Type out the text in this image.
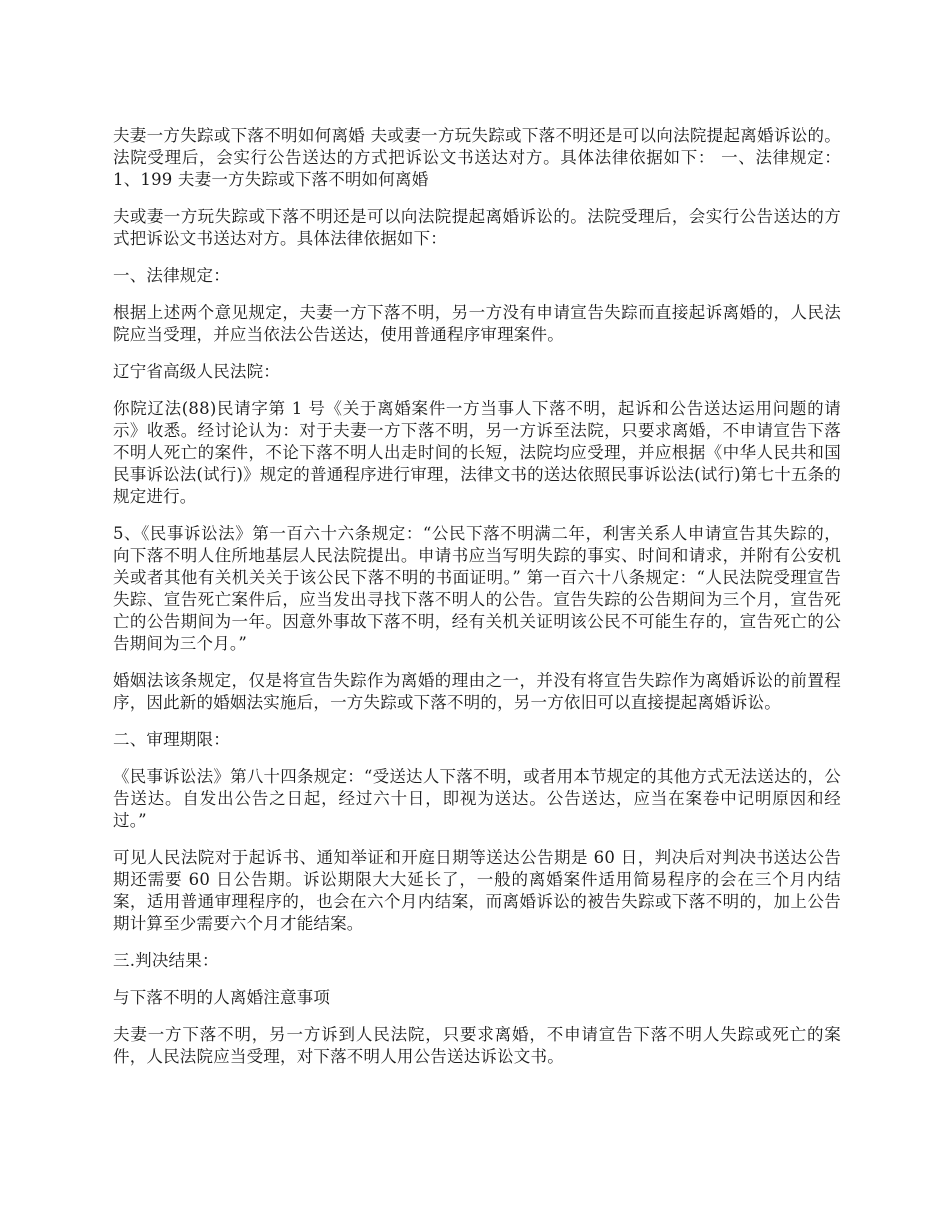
夫妻一方失踪或下落不明如何离婚 夫或妻一方玩失踪或下落不明还是可以向法院提起离婚诉讼的。法院受理后，会实行公告送达的方式把诉讼文书送达对方。具体法律依据如下： 一、法律规定： 1、199 夫妻一方失踪或下落不明如何离婚

夫或妻一方玩失踪或下落不明还是可以向法院提起离婚诉讼的。法院受理后，会实行公告送达的方式把诉讼文书送达对方。具体法律依据如下：

一、法律规定：

根据上述两个意见规定，夫妻一方下落不明，另一方没有申请宣告失踪而直接起诉离婚的，人民法院应当受理，并应当依法公告送达，使用普通程序审理案件。

辽宁省高级人民法院：

你院辽法(88)民请字第 1 号《关于离婚案件一方当事人下落不明，起诉和公告送达运用问题的请示》收悉。经讨论认为：对于夫妻一方下落不明，另一方诉至法院，只要求离婚，不申请宣告下落不明人死亡的案件，不论下落不明人出走时间的长短，法院均应受理，并应根据《中华人民共和国民事诉讼法(试行)》规定的普通程序进行审理，法律文书的送达依照民事诉讼法(试行)第七十五条的规定进行。

5、《民事诉讼法》第一百六十六条规定：“公民下落不明满二年，利害关系人申请宣告其失踪的，向下落不明人住所地基层人民法院提出。申请书应当写明失踪的事实、时间和请求，并附有公安机关或者其他有关机关关于该公民下落不明的书面证明。” 第一百六十八条规定：“人民法院受理宣告失踪、宣告死亡案件后，应当发出寻找下落不明人的公告。宣告失踪的公告期间为三个月，宣告死亡的公告期间为一年。因意外事故下落不明，经有关机关证明该公民不可能生存的，宣告死亡的公告期间为三个月。”

婚姻法该条规定，仅是将宣告失踪作为离婚的理由之一，并没有将宣告失踪作为离婚诉讼的前置程序，因此新的婚姻法实施后，一方失踪或下落不明的，另一方依旧可以直接提起离婚诉讼。

二、审理期限：

《民事诉讼法》第八十四条规定：“受送达人下落不明，或者用本节规定的其他方式无法送达的，公告送达。自发出公告之日起，经过六十日，即视为送达。公告送达，应当在案卷中记明原因和经过。”

可见人民法院对于起诉书、通知举证和开庭日期等送达公告期是 60 日，判决后对判决书送达公告期还需要 60 日公告期。诉讼期限大大延长了，一般的离婚案件适用简易程序的会在三个月内结案，适用普通审理程序的，也会在六个月内结案，而离婚诉讼的被告失踪或下落不明的，加上公告期计算至少需要六个月才能结案。

三.判决结果：

与下落不明的人离婚注意事项

夫妻一方下落不明，另一方诉到人民法院，只要求离婚，不申请宣告下落不明人失踪或死亡的案件，人民法院应当受理，对下落不明人用公告送达诉讼文书。
